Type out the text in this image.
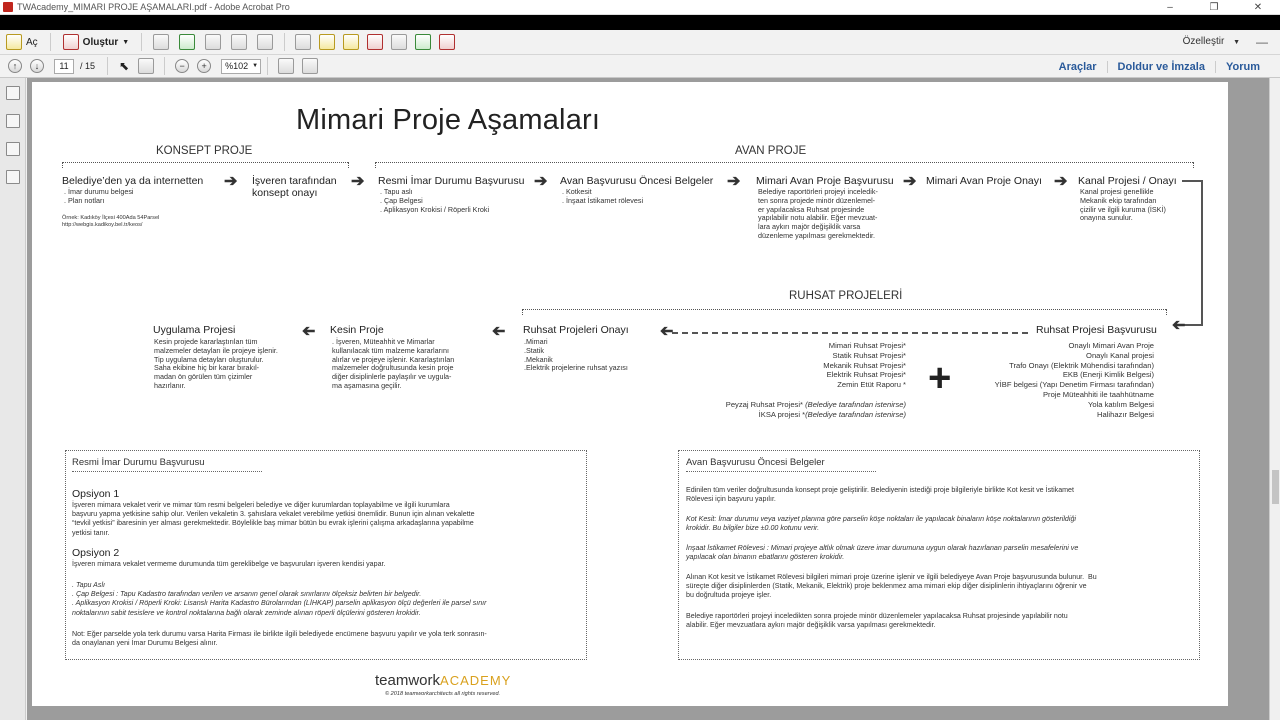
TWAcademy_MIMARI PROJE AŞAMALARI.pdf - Adobe Acrobat Pro	–	❐	✕
Aç	Oluştur ▼	Özelleştir ▼ —
↑	↓	11	/ 15 ⬉	−	+	%102 ▼	Araçlar	Doldur ve İmzala	Yorum
Mimari Proje Aşamaları
KONSEPT PROJE	AVAN PROJE
Belediye’den ya da internetten
. İmar durumu belgesi
. Plan notları
Örnek: Kadıköy İlçesi 400Ada 54Parsel
http://webgis.kadikoy.bel.tr/keos/
➔ İşveren tarafından
konsept onayı
➔ Resmi İmar Durumu Başvurusu
. Tapu aslı
. Çap Belgesi
. Aplikasyon Krokisi / Röperli Kroki
➔ Avan Başvurusu Öncesi Belgeler
. Kotkesit
. İnşaat İstikamet rölevesi
➔ Mimari Avan Proje Başvurusu
Belediye raportörleri projeyi inceledik-
ten sonra projede minör düzenlemel-
er yapılacaksa Ruhsat projesinde
yapılabilir notu alabilir. Eğer mevzuat-
lara aykırı majör değişiklik varsa
düzenleme yapılması gerekmektedir.
➔ Mimari Avan Proje Onayı ➔ Kanal Projesi / Onayı
Kanal projesi genellikle
Mekanik ekip tarafından
çizilir ve ilgili kuruma (İSKİ)
onayına sunulur.
➔
RUHSAT PROJELERİ
Ruhsat Projesi Başvurusu
Onaylı Mimari Avan Proje
Onaylı Kanal projesi
Trafo Onayı (Elektrik Mühendisi tarafından)
EKB (Enerji Kimlik Belgesi)
YİBF belgesi (Yapı Denetim Firması tarafından)
Proje Müteahhiti ile taahhütname
Yola katılım Belgesi
Halihazır Belgesi
Mimari Ruhsat Projesi*
Statik Ruhsat Projesi*
Mekanik Ruhsat Projesi*
Elektrik Ruhsat Projesi*
Zemin Etüt Raporu *

Peyzaj Ruhsat Projesi* (Belediye tarafından istenirse)

İKSA projesi *(Belediye tarafından istenirse)

+
➔
Ruhsat Projeleri Onayı
.Mimari
.Statik
.Mekanik
.Elektrik projelerine ruhsat yazısı
➔
Kesin Proje
. İşveren, Müteahhit ve Mimarlar
kullanılacak tüm malzeme kararlarını
alırlar ve projeye işlenir. Kararlaştırılan
malzemeler doğrultusunda kesin proje
diğer disiplinlerle paylaşılır ve uygula-
ma aşamasına geçilir.
➔
Uygulama Projesi
Kesin projede kararlaştırılan tüm
malzemeler detayları ile projeye işlenir.
Tip uygulama detayları oluşturulur.
Saha ekibine hiç bir karar bırakıl-
madan ön görülen tüm çizimler
hazırlanır.
Resmi İmar Durumu Başvurusu
Opsiyon 1
İşveren mimara vekalet verir ve mimar tüm resmi belgeleri belediye ve diğer kurumlardan toplayabilme ve ilgili kurumlara
başvuru yapma yetkisine sahip olur. Verilen vekaletin 3. şahıslara vekalet verebilme yetkisi önemlidir. Bunun için alınan vekalette
“tevkil yetkisi” ibaresinin yer alması gerekmektedir. Böylelikle baş mimar bütün bu evrak işlerini çalışma arkadaşlarına yapabilme
yetkisi tanır.
Opsiyon 2
İşveren mimara vekalet vermeme durumunda tüm gereklibelge ve başvuruları işveren kendisi yapar.
. Tapu Aslı
. Çap Belgesi : Tapu Kadastro tarafından verilen ve arsanın genel olarak sınırlarını ölçeksiz belirten bir belgedir.
. Aplikasyon Krokisi / Röperli Kroki: Lisanslı Harita Kadastro Bürolarından (LİHKAP) parselin aplikasyon ölçü değerleri ile parsel sınır
noktalarının sabit tesislere ve kontrol noktalarına bağlı olarak zeminde alınan röperli ölçülerini gösteren krokidir.
Not: Eğer parselde yola terk durumu varsa Harita Firması ile birlikte ilgili belediyede encümene başvuru yapılır ve yola terk sonrasın-
da onaylanan yeni İmar Durumu Belgesi alınır.
Avan Başvurusu Öncesi Belgeler
Edinilen tüm veriler doğrultusunda konsept proje geliştirilir. Belediyenin istediği proje bilgileriyle birlikte Kot kesit ve İstikamet
Rölevesi için başvuru yapılır.
Kot Kesit: İmar durumu veya vaziyet planına göre parselin köşe noktaları ile yapılacak binaların köşe noktalarının gösterildiği
krokidir. Bu bilgiler bize ±0.00 kotunu verir.
İnşaat İstikamet Rölevesi : Mimari projeye altlık olmak üzere imar durumuna uygun olarak hazırlanan parselin mesafelerini ve
yapılacak olan binanın ebatlarını gösteren krokidir.
Alınan Kot kesit ve İstikamet Rölevesi bilgileri mimari proje üzerine işlenir ve ilgili belediyeye Avan Proje başvurusunda bulunur.  Bu
süreçte diğer disiplinlerden (Statik, Mekanik, Elektrik) proje beklenmez ama mimari ekip diğer disiplinlerin ihtiyaçlarını öğrenir ve
bu doğrultuda projeye işler.
Belediye raportörleri projeyi inceledikten sonra projede minör düzenlemeler yapılacaksa Ruhsat projesinde yapılabilir notu
alabilir. Eğer mevzuatlara aykırı majör değişiklik varsa yapılması gerekmektedir.
teamworkACADEMY
© 2018 teamworkarchitects all rights reserved.
